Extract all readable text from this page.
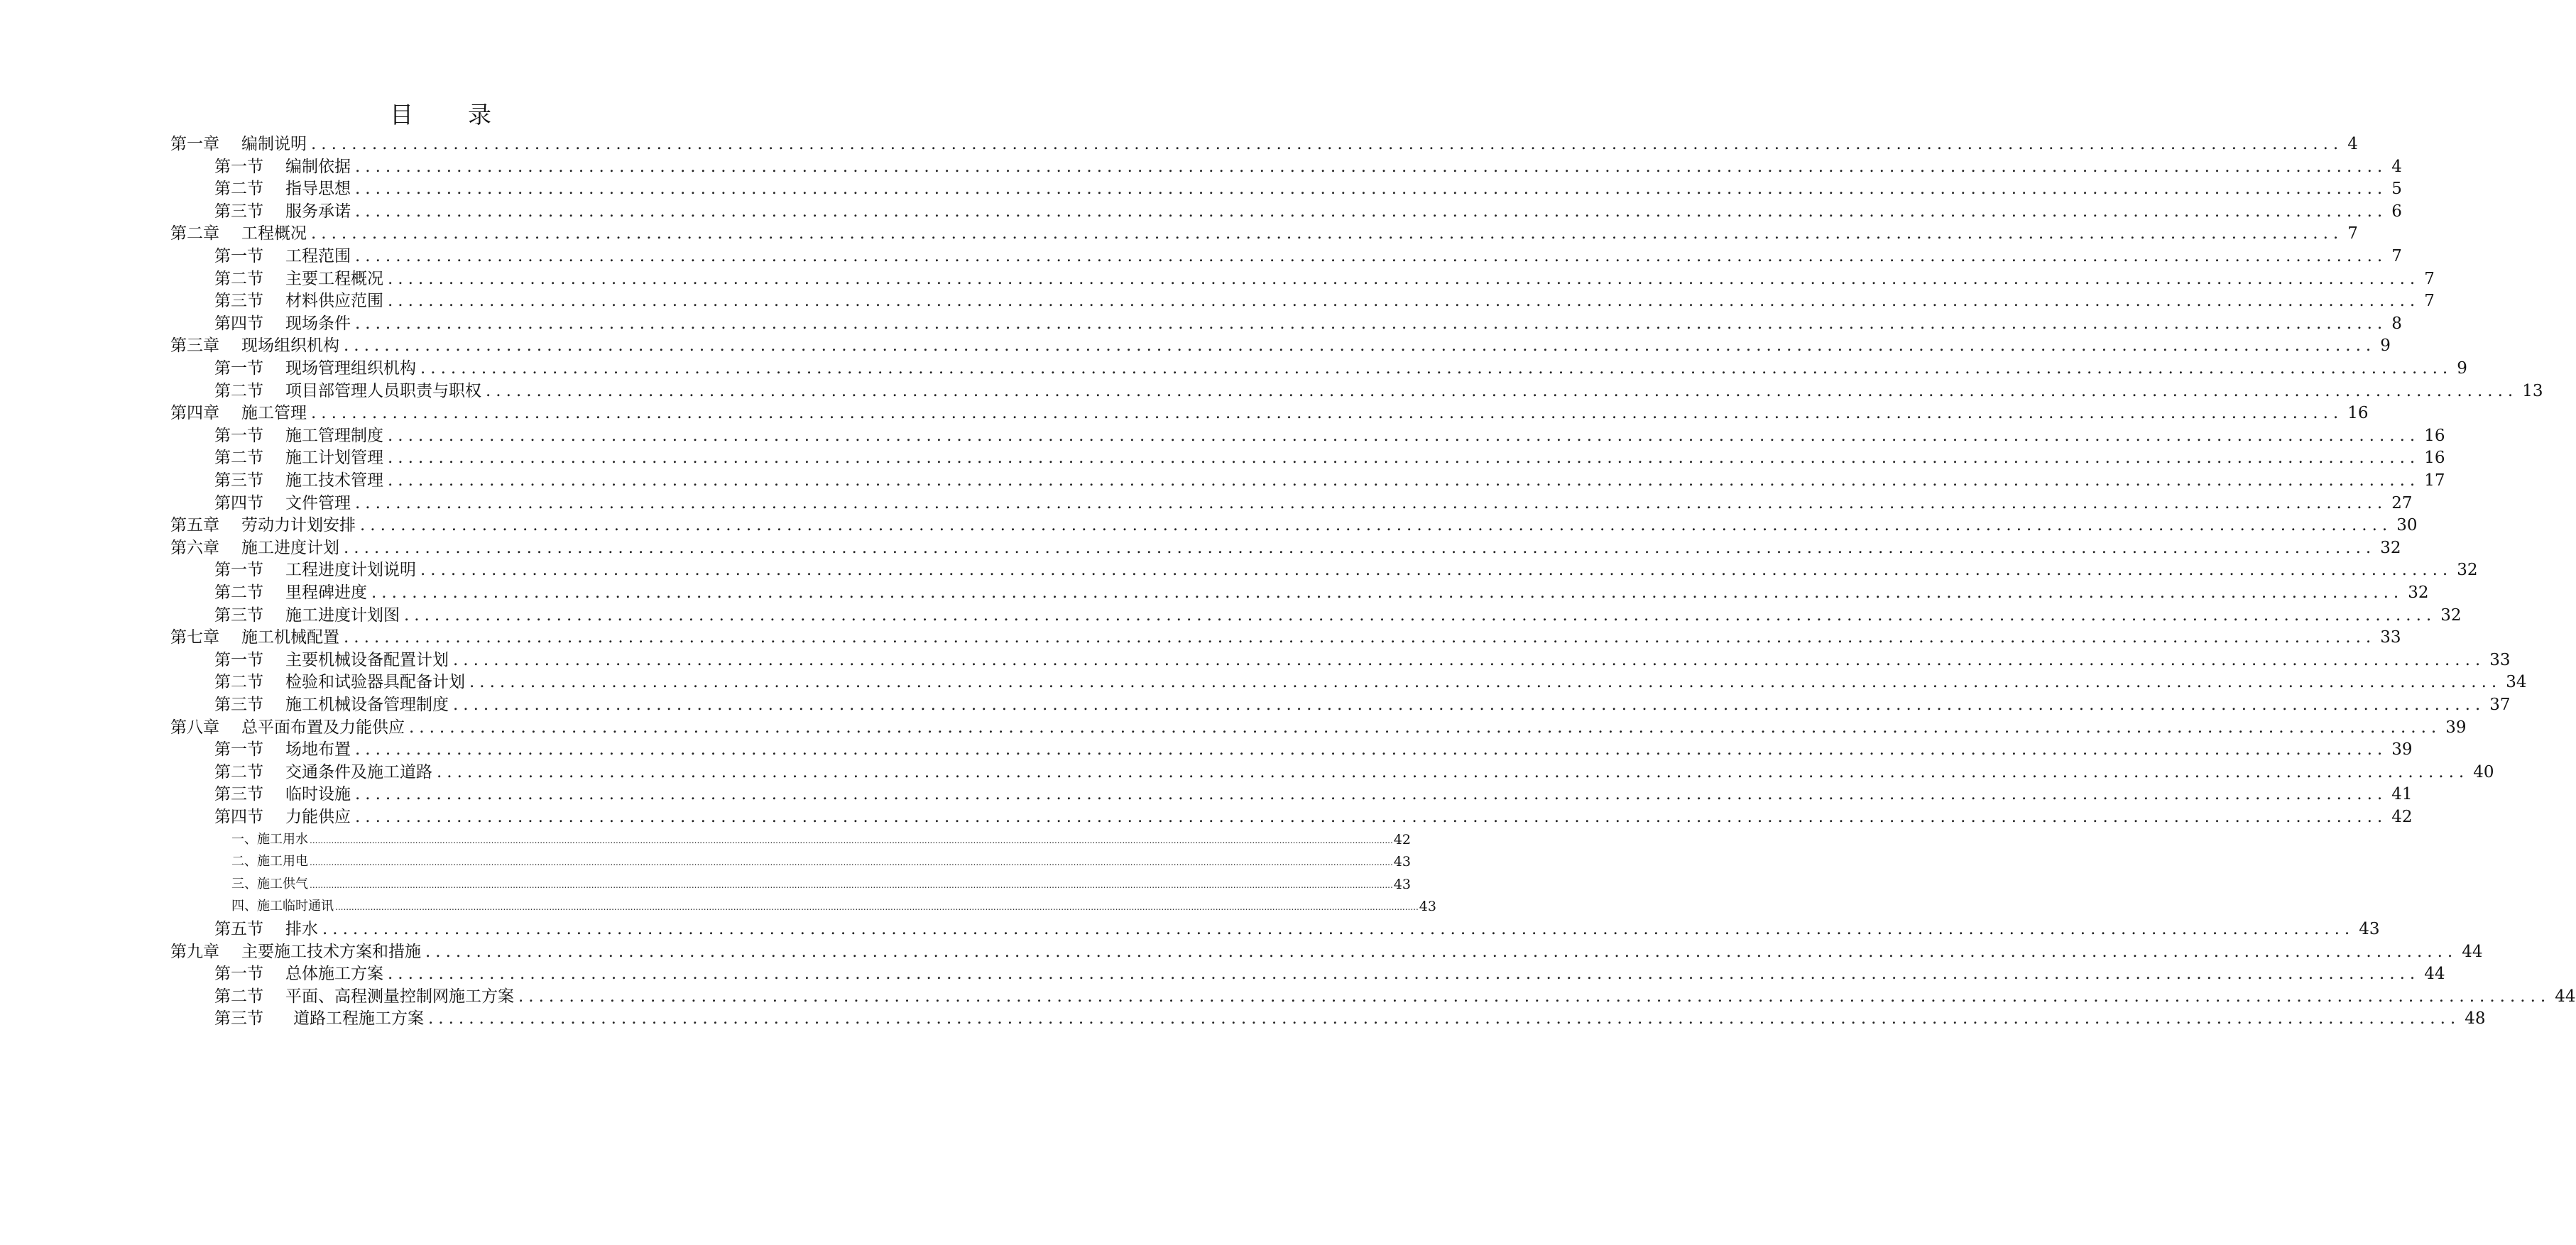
目　录
第一章	编制说明 ........................................................................................................................................................................................................ 4
第一节	编制依据 ........................................................................................................................................................................................................ 4
第二节	指导思想 ........................................................................................................................................................................................................ 5
第三节	服务承诺 ........................................................................................................................................................................................................ 6
第二章	工程概况 ........................................................................................................................................................................................................ 7
第一节	工程范围 ........................................................................................................................................................................................................ 7
第二节	主要工程概况 ........................................................................................................................................................................................................ 7
第三节	材料供应范围 ........................................................................................................................................................................................................ 7
第四节	现场条件 ........................................................................................................................................................................................................ 8
第三章	现场组织机构 ........................................................................................................................................................................................................ 9
第一节	现场管理组织机构 ........................................................................................................................................................................................................ 9
第二节	项目部管理人员职责与职权 ........................................................................................................................................................................................................ 13
第四章	施工管理 ........................................................................................................................................................................................................ 16
第一节	施工管理制度 ........................................................................................................................................................................................................ 16
第二节	施工计划管理 ........................................................................................................................................................................................................ 16
第三节	施工技术管理 ........................................................................................................................................................................................................ 17
第四节	文件管理 ........................................................................................................................................................................................................ 27
第五章	劳动力计划安排 ........................................................................................................................................................................................................ 30
第六章	施工进度计划 ........................................................................................................................................................................................................ 32
第一节	工程进度计划说明 ........................................................................................................................................................................................................ 32
第二节	里程碑进度 ........................................................................................................................................................................................................ 32
第三节	施工进度计划图 ........................................................................................................................................................................................................ 32
第七章	施工机械配置 ........................................................................................................................................................................................................ 33
第一节	主要机械设备配置计划 ........................................................................................................................................................................................................ 33
第二节	检验和试验器具配备计划 ........................................................................................................................................................................................................ 34
第三节	施工机械设备管理制度 ........................................................................................................................................................................................................ 37
第八章	总平面布置及力能供应 ........................................................................................................................................................................................................ 39
第一节	场地布置 ........................................................................................................................................................................................................ 39
第二节	交通条件及施工道路 ........................................................................................................................................................................................................ 40
第三节	临时设施 ........................................................................................................................................................................................................ 41
第四节	力能供应 ........................................................................................................................................................................................................ 42
一、施工用水 ................................................................................................................................................................................................................................................................................................................................................................................................................ 42
二、施工用电 ................................................................................................................................................................................................................................................................................................................................................................................................................ 43
三、施工供气 ................................................................................................................................................................................................................................................................................................................................................................................................................ 43
四、施工临时通讯 ................................................................................................................................................................................................................................................................................................................................................................................................................ 43
第五节	排水 ........................................................................................................................................................................................................ 43
第九章	主要施工技术方案和措施 ........................................................................................................................................................................................................ 44
第一节	总体施工方案 ........................................................................................................................................................................................................ 44
第二节	平面、高程测量控制网施工方案 ........................................................................................................................................................................................................ 44
第三节	道路工程施工方案 ........................................................................................................................................................................................................ 48
